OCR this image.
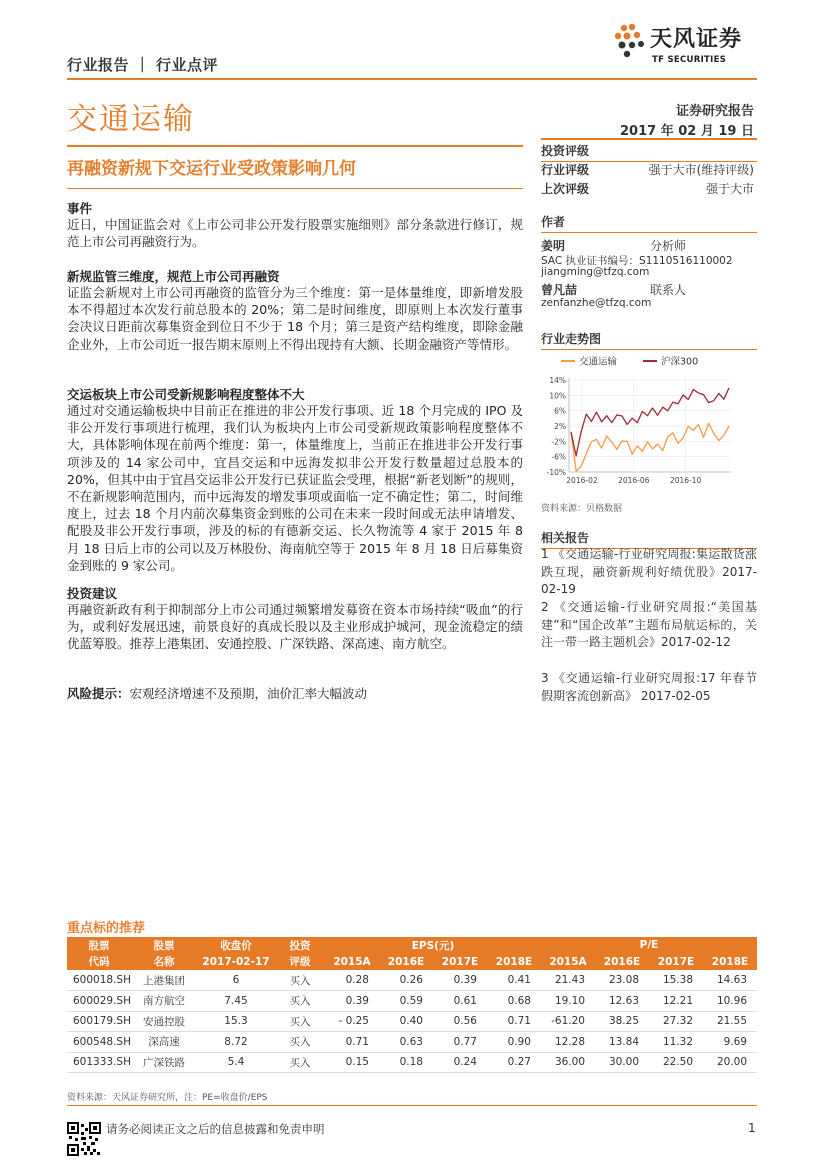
行业报告 ｜ 行业点评
天风证券
TF SECURITIES
交通运输	证券研究报告
2017 年 02 月 19 日
再融资新规下交运行业受政策影响几何
事件
近日，中国证监会对《上市公司非公开发行股票实施细则》部分条款进行修订，规范上市公司再融资行为。
新规监管三维度，规范上市公司再融资
证监会新规对上市公司再融资的监管分为三个维度：第一是体量维度，即新增发股本不得超过本次发行前总股本的 20%；第二是时间维度，即原则上本次发行董事会决议日距前次募集资金到位日不少于 18 个月；第三是资产结构维度，即除金融企业外，上市公司近一报告期末原则上不得出现持有大额、长期金融资产等情形。
交运板块上市公司受新规影响程度整体不大
通过对交通运输板块中目前正在推进的非公开发行事项、近 18 个月完成的 IPO 及非公开发行事项进行梳理，我们认为板块内上市公司受新规政策影响程度整体不大，具体影响体现在前两个维度：第一，体量维度上，当前正在推进非公开发行事项涉及的 14 家公司中，宜昌交运和中远海发拟非公开发行数量超过总股本的 20%，但其中由于宜昌交运非公开发行已获证监会受理，根据“新老划断”的规则，不在新规影响范围内，而中远海发的增发事项或面临一定不确定性；第二，时间维度上，过去 18 个月内前次募集资金到账的公司在未来一段时间或无法申请增发、配股及非公开发行事项，涉及的标的有德新交运、长久物流等 4 家于 2015 年 8 月 18 日后上市的公司以及万林股份、海南航空等于 2015 年 8 月 18 日后募集资金到账的 9 家公司。
投资建议
再融资新政有利于抑制部分上市公司通过频繁增发募资在资本市场持续“吸血”的行为，或利好发展迅速，前景良好的真成长股以及主业形成护城河，现金流稳定的绩优蓝筹股。推荐上港集团、安通控股、广深铁路、深高速、南方航空。
风险提示：宏观经济增速不及预期，油价汇率大幅波动
投资评级
行业评级	强于大市(维持评级)
上次评级	强于大市
作者
姜明	分析师
SAC 执业证书编号：S1110516110002
jiangming@tfzq.com
曾凡喆	联系人
zenfanzhe@tfzq.com
行业走势图
交通运输	沪深300
14%
10%
6%
2%
-2%
-6%
-10%
2016-02	2016-06	2016-10
资料来源：贝格数据
相关报告
1 《交通运输-行业研究周报:集运散货涨跌互现，融资新规利好绩优股》2017-02-19
2 《交通运输-行业研究周报:“美国基建”和“国企改革”主题布局航运标的，关注一带一路主题机会》2017-02-12
3 《交通运输-行业研究周报:17 年春节假期客流创新高》 2017-02-05
重点标的推荐
股票	股票	收盘价	投资	EPS(元)				P/E			
代码	名称	2017-02-17	评级	2015A	2016E	2017E	2018E	2015A	2016E	2017E	2018E
600018.SH	上港集团	6	买入	0.28	0.26	0.39	0.41	21.43	23.08	15.38	14.63
600029.SH	南方航空	7.45	买入	0.39	0.59	0.61	0.68	19.10	12.63	12.21	10.96
600179.SH	安通控股	15.3	买入	- 0.25	0.40	0.56	0.71	-61.20	38.25	27.32	21.55
600548.SH	深高速	8.72	买入	0.71	0.63	0.77	0.90	12.28	13.84	11.32	9.69
601333.SH	广深铁路	5.4	买入	0.15	0.18	0.24	0.27	36.00	30.00	22.50	20.00
资料来源：天风证券研究所，注：PE=收盘价/EPS
请务必阅读正文之后的信息披露和免责申明	1
